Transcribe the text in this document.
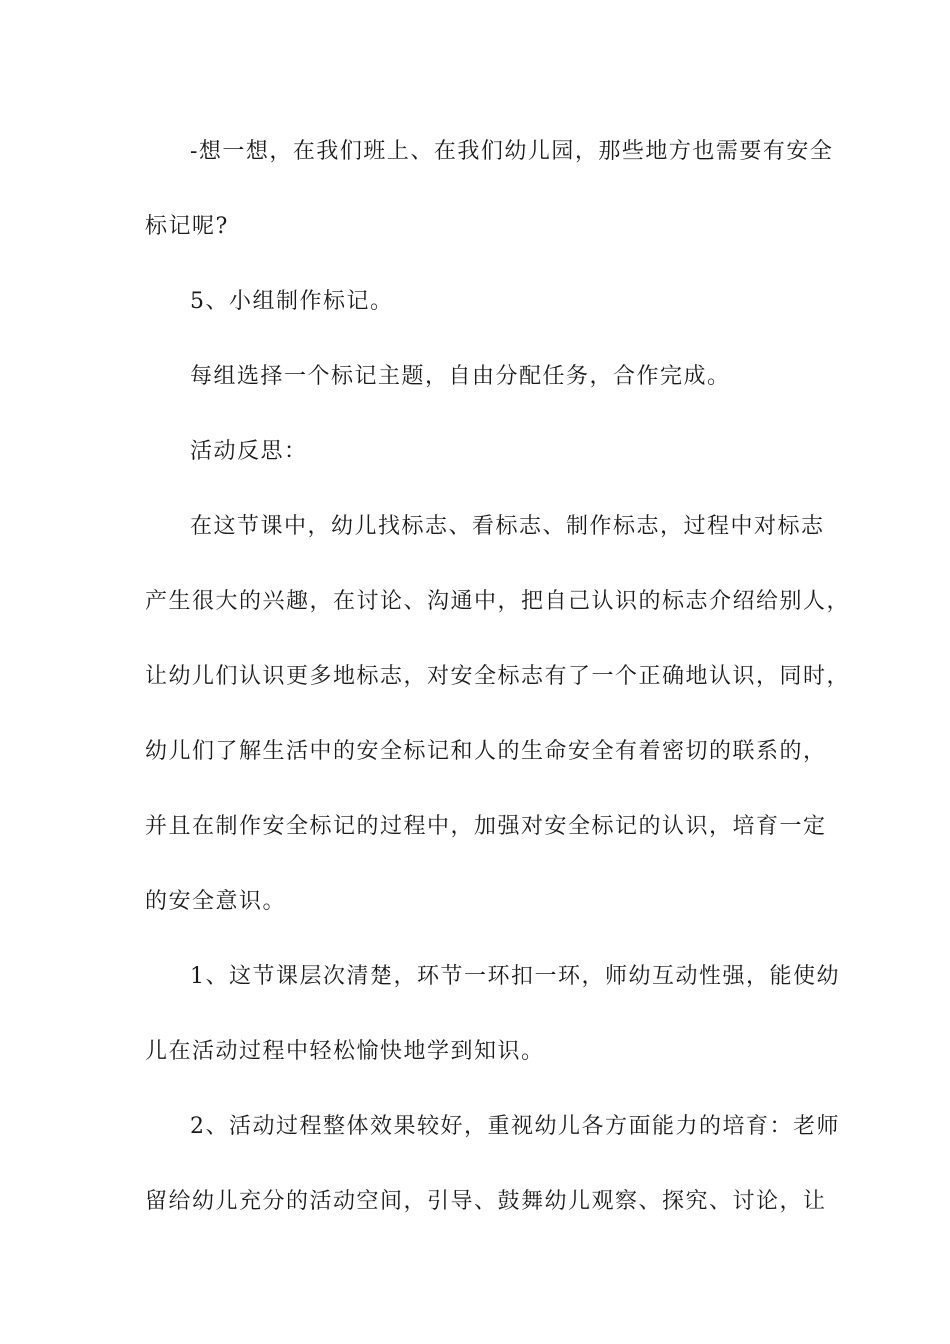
-想一想，在我们班上、在我们幼儿园，那些地方也需要有安全
标记呢?
5、小组制作标记。
每组选择一个标记主题，自由分配任务，合作完成。
活动反思：
在这节课中，幼儿找标志、看标志、制作标志，过程中对标志
产生很大的兴趣，在讨论、沟通中，把自己认识的标志介绍给别人，
让幼儿们认识更多地标志，对安全标志有了一个正确地认识，同时，
幼儿们了解生活中的安全标记和人的生命安全有着密切的联系的，
并且在制作安全标记的过程中，加强对安全标记的认识，培育一定
的安全意识。
1、这节课层次清楚，环节一环扣一环，师幼互动性强，能使幼
儿在活动过程中轻松愉快地学到知识。
2、活动过程整体效果较好，重视幼儿各方面能力的培育：老师
留给幼儿充分的活动空间，引导、鼓舞幼儿观察、探究、讨论，让
